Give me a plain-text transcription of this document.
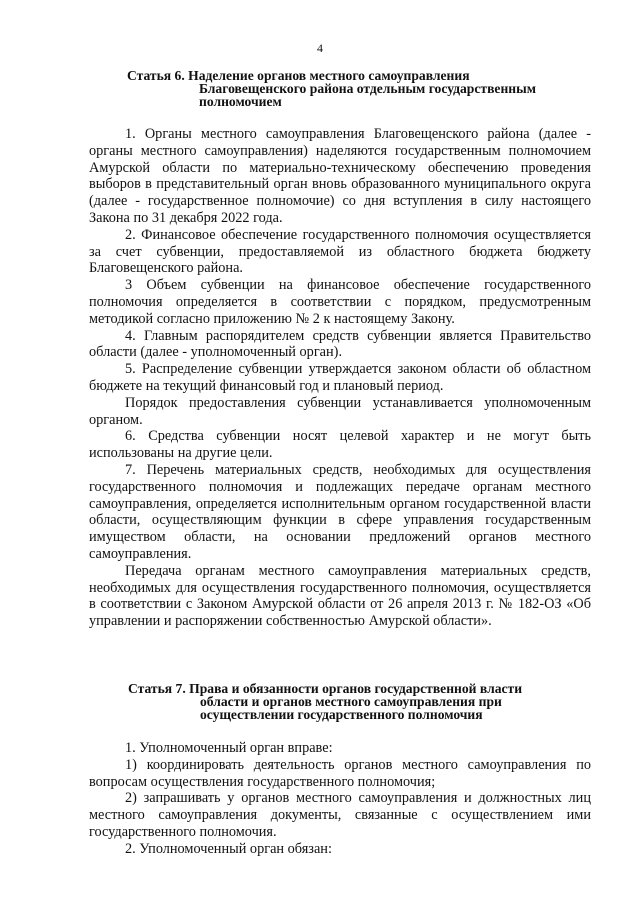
4
Статья 6. Наделение органов местного самоуправления
Благовещенского района отдельным государственным
полномочием

1. Органы местного самоуправления Благовещенского района (далее - органы местного самоуправления) наделяются государственным полномочием Амурской области по материально-техническому обеспечению проведения выборов в представительный орган вновь образованного муниципального округа (далее - государственное полномочие) со дня вступления в силу настоящего Закона по 31 декабря 2022 года.

2. Финансовое обеспечение государственного полномочия осуществляется за счет субвенции, предоставляемой из областного бюджета бюджету Благовещенского района.

3 Объем субвенции на финансовое обеспечение государственного полномочия определяется в соответствии с порядком, предусмотренным методикой согласно приложению № 2 к настоящему Закону.

4. Главным распорядителем средств субвенции является Правительство области (далее - уполномоченный орган).

5. Распределение субвенции утверждается законом области об областном бюджете на текущий финансовый год и плановый период.

Порядок предоставления субвенции устанавливается уполномоченным органом.

6. Средства субвенции носят целевой характер и не могут быть использованы на другие цели.

7. Перечень материальных средств, необходимых для осуществления государственного полномочия и подлежащих передаче органам местного самоуправления, определяется исполнительным органом государственной власти области, осуществляющим функции в сфере управления государственным имуществом области, на основании предложений органов местного самоуправления.

Передача органам местного самоуправления материальных средств, необходимых для осуществления государственного полномочия, осуществляется в соответствии с Законом Амурской области от 26 апреля 2013 г. № 182-ОЗ «Об управлении и распоряжении собственностью Амурской области».

Статья 7. Права и обязанности органов государственной власти
области и органов местного самоуправления при
осуществлении государственного полномочия

1. Уполномоченный орган вправе:

1) координировать деятельность органов местного самоуправления по вопросам осуществления государственного полномочия;

2) запрашивать у органов местного самоуправления и должностных лиц местного самоуправления документы, связанные с осуществлением ими государственного полномочия.

2. Уполномоченный орган обязан:
